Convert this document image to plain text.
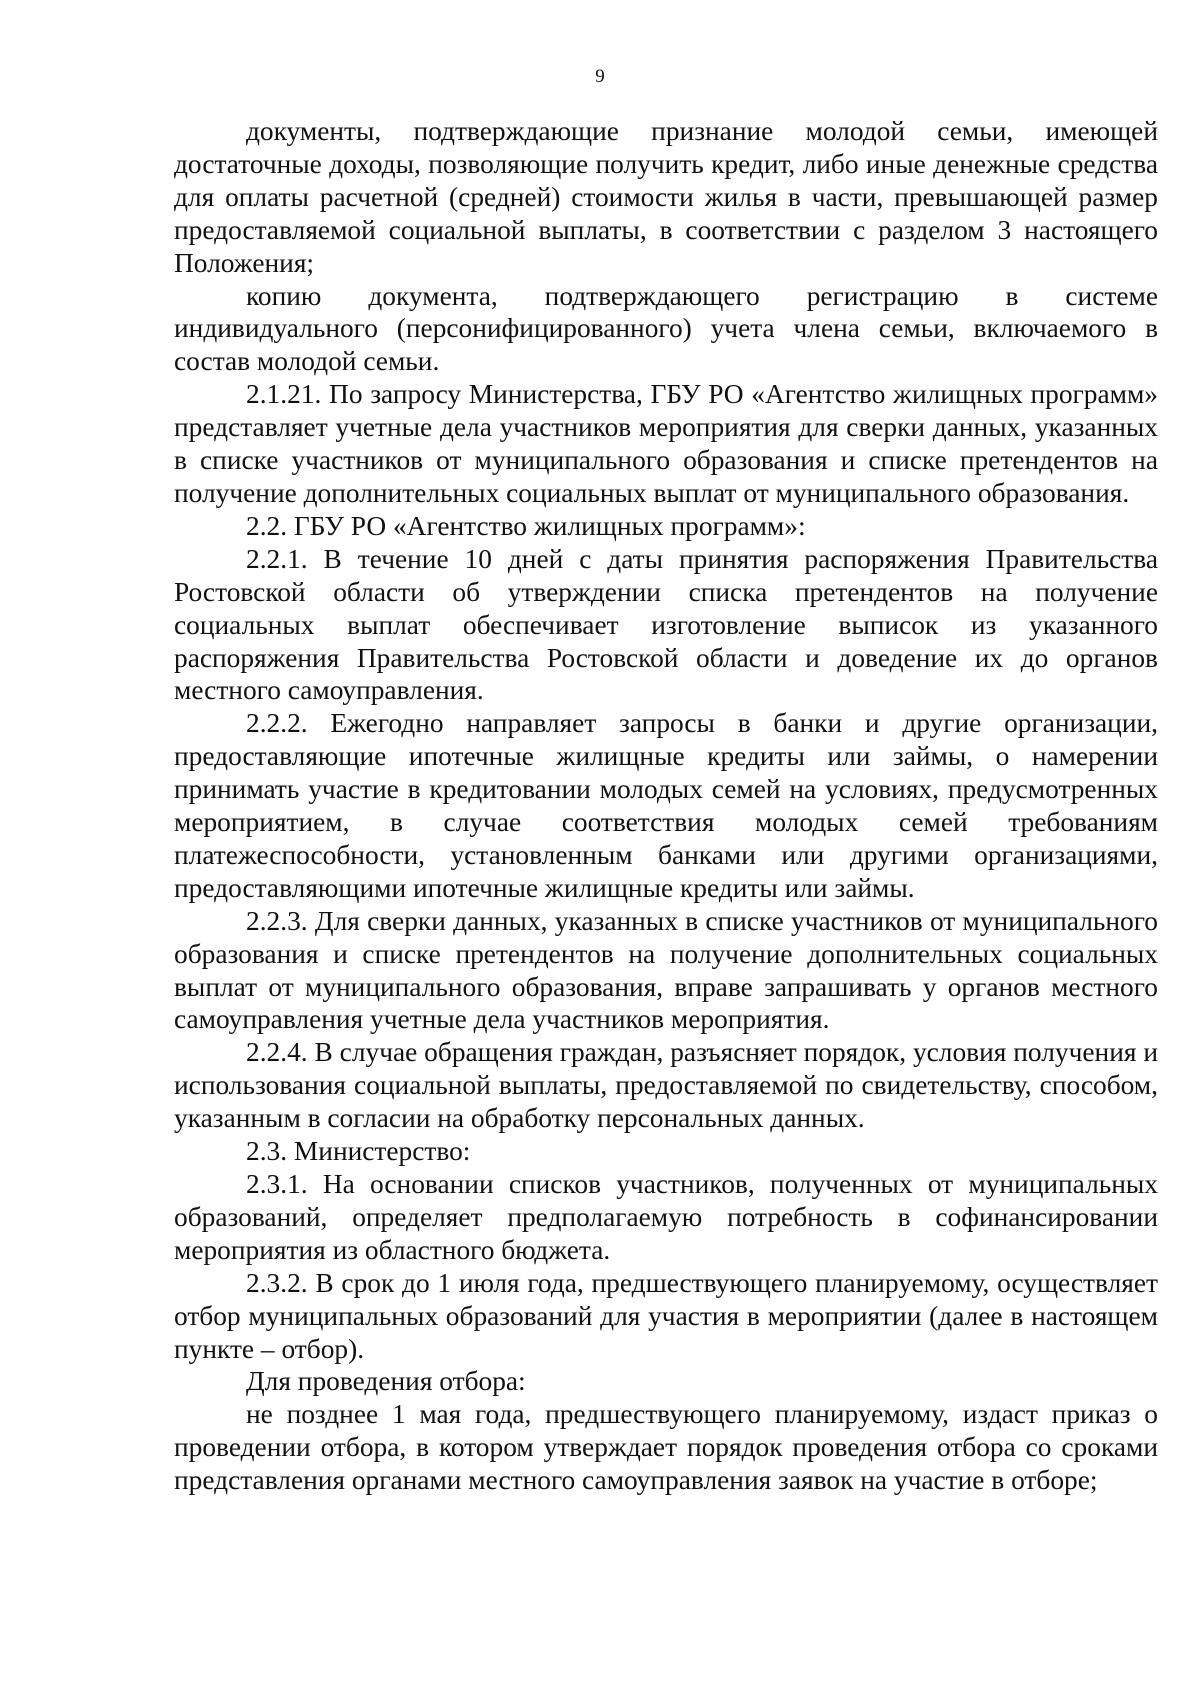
9

документы, подтверждающие признание молодой семьи, имеющей достаточные доходы, позволяющие получить кредит, либо иные денежные средства для оплаты расчетной (средней) стоимости жилья в части, превышающей размер предоставляемой социальной выплаты, в соответствии с разделом 3 настоящего Положения;

копию документа, подтверждающего регистрацию в системе индивидуального (персонифицированного) учета члена семьи, включаемого в состав молодой семьи.

2.1.21. По запросу Министерства, ГБУ РО «Агентство жилищных программ» представляет учетные дела участников мероприятия для сверки данных, указанных в списке участников от муниципального образования и списке претендентов на получение дополнительных социальных выплат от муниципального образования.

2.2. ГБУ РО «Агентство жилищных программ»:

2.2.1. В течение 10 дней с даты принятия распоряжения Правительства Ростовской области об утверждении списка претендентов на получение социальных выплат обеспечивает изготовление выписок из указанного распоряжения Правительства Ростовской области и доведение их до органов местного самоуправления.

2.2.2. Ежегодно направляет запросы в банки и другие организации, предоставляющие ипотечные жилищные кредиты или займы, о намерении принимать участие в кредитовании молодых семей на условиях, предусмотренных мероприятием, в случае соответствия молодых семей требованиям платежеспособности, установленным банками или другими организациями, предоставляющими ипотечные жилищные кредиты или займы.

2.2.3. Для сверки данных, указанных в списке участников от муниципального образования и списке претендентов на получение дополнительных социальных выплат от муниципального образования, вправе запрашивать у органов местного самоуправления учетные дела участников мероприятия.

2.2.4. В случае обращения граждан, разъясняет порядок, условия получения и использования социальной выплаты, предоставляемой по свидетельству, способом, указанным в согласии на обработку персональных данных.

2.3. Министерство:

2.3.1. На основании списков участников, полученных от муниципальных образований, определяет предполагаемую потребность в софинансировании мероприятия из областного бюджета.

2.3.2. В срок до 1 июля года, предшествующего планируемому, осуществляет отбор муниципальных образований для участия в мероприятии (далее в настоящем пункте – отбор).

Для проведения отбора:

не позднее 1 мая года, предшествующего планируемому, издаст приказ о проведении отбора, в котором утверждает порядок проведения отбора со сроками представления органами местного самоуправления заявок на участие в отборе;
